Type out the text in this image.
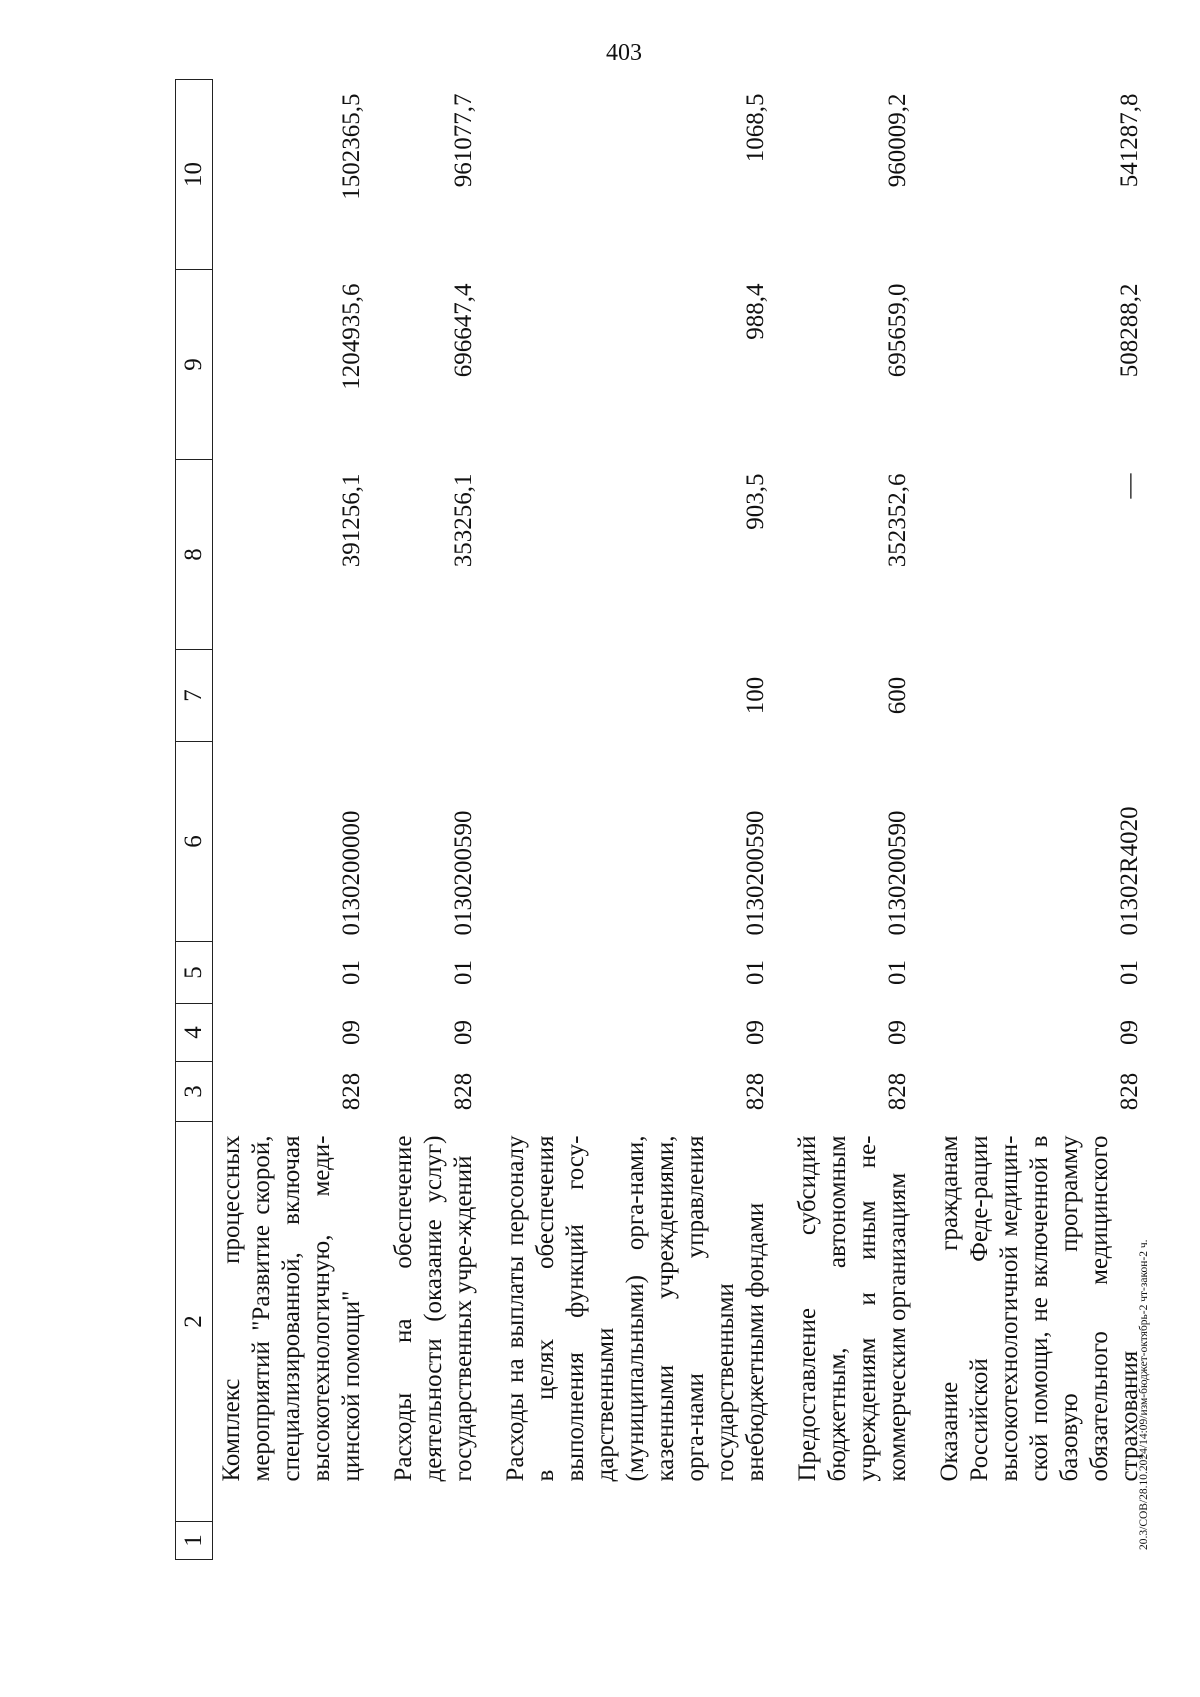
403
20.3/СОВ/28.10.2024/14:09/изм-бюджет-октябрь-2 чт-закон-2 ч.
1	2	3	4	5	6	7	8	9	10
	Комплекс процессных мероприятий "Развитие скорой, специализированной, включая высокотехнологичную, меди-цинской помощи"	828	09	01	0130200000		391256,1	1204935,6	1502365,5
	Расходы на обеспечение деятельности (оказание услуг) государственных учре-ждений	828	09	01	0130200590		353256,1	696647,4	961077,7
	Расходы на выплаты персоналу в целях обеспечения выполнения функций госу-дарственными (муниципальными) орга-нами, казенными учреждениями, орга-нами управления государственными внебюджетными фондами	828	09	01	0130200590	100	903,5	988,4	1068,5
	Предоставление субсидий бюджетным, автономным учреждениям и иным не-коммерческим организациям	828	09	01	0130200590	600	352352,6	695659,0	960009,2
	Оказание гражданам Российской Феде-рации высокотехнологичной медицин-ской помощи, не включенной в базовую программу обязательного медицинского страхования	828	09	01	01302R4020		—	508288,2	541287,8
